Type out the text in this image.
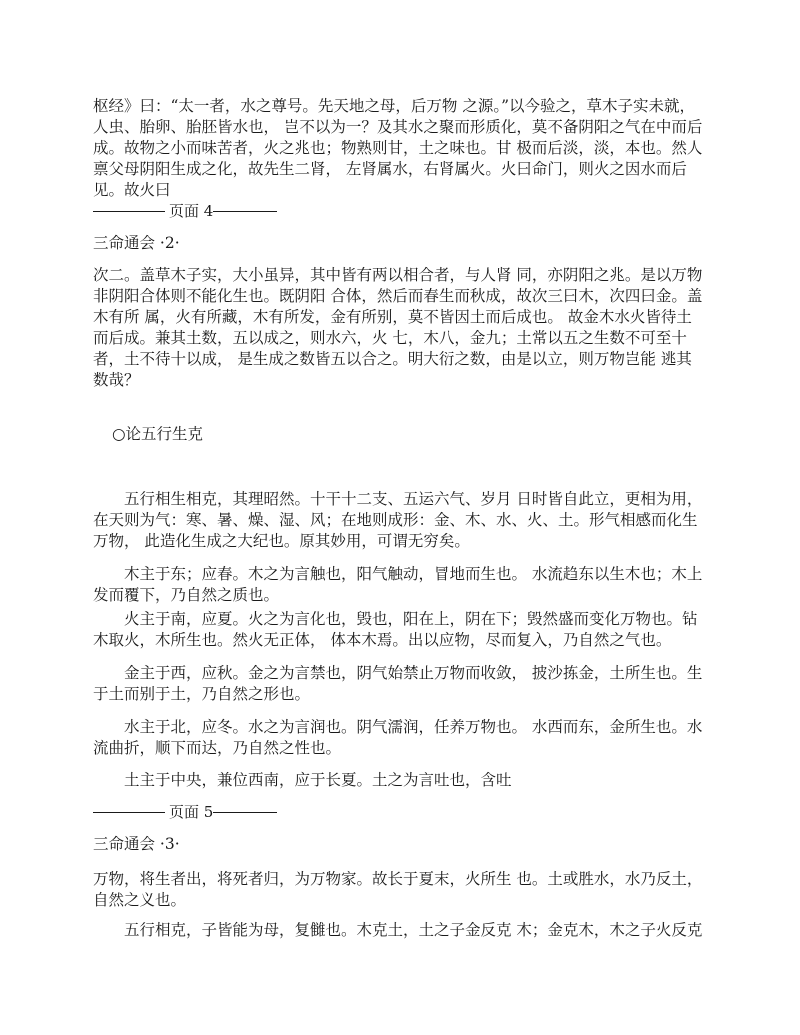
枢经》曰：“太一者，水之尊号。先天地之母，后万物 之源。”以今验之，草木子实未就，人虫、胎卵、胎胚皆水也， 岂不以为一？及其水之聚而形质化，莫不备阴阳之气在中而后 成。故物之小而味苦者，火之兆也；物熟则甘，土之味也。甘 极而后淡，淡，本也。然人禀父母阴阳生成之化，故先生二肾， 左肾属水，右肾属火。火曰命门，则火之因水而后见。故火曰

页面 4
三命通会 ·2·

次二。盖草木子实，大小虽异，其中皆有两以相合者，与人肾 同，亦阴阳之兆。是以万物非阴阳合体则不能化生也。既阴阳 合体，然后而春生而秋成，故次三曰木，次四曰金。盖木有所 属，火有所藏，木有所发，金有所别，莫不皆因土而后成也。 故金木水火皆待土而后成。兼其土数，五以成之，则水六，火 七，木八，金九；土常以五之生数不可至十者，土不待十以成， 是生成之数皆五以合之。明大衍之数，由是以立，则万物岂能 逃其数哉？

○论五行生克

五行相生相克，其理昭然。十干十二支、五运六气、岁月 日时皆自此立，更相为用，在天则为气：寒、暑、燥、湿、风；在地则成形：金、木、水、火、土。形气相感而化生万物， 此造化生成之大纪也。原其妙用，可谓无穷矣。

木主于东；应春。木之为言触也，阳气触动，冒地而生也。 水流趋东以生木也；木上发而覆下，乃自然之质也。

火主于南，应夏。火之为言化也，毁也，阳在上，阴在下；毁然盛而变化万物也。钻木取火，木所生也。然火无正体， 体本木焉。出以应物，尽而复入，乃自然之气也。

金主于西，应秋。金之为言禁也，阴气始禁止万物而收敛， 披沙拣金，土所生也。生于土而别于土，乃自然之形也。

水主于北，应冬。水之为言润也。阴气濡润，任养万物也。 水西而东，金所生也。水流曲折，顺下而达，乃自然之性也。

土主于中央，兼位西南，应于长夏。土之为言吐也，含吐

页面 5
三命通会 ·3·

万物，将生者出，将死者归，为万物家。故长于夏末，火所生 也。土或胜水，水乃反土，自然之义也。

五行相克，子皆能为母，复雠也。木克土，土之子金反克 木；金克木，木之子火反克
